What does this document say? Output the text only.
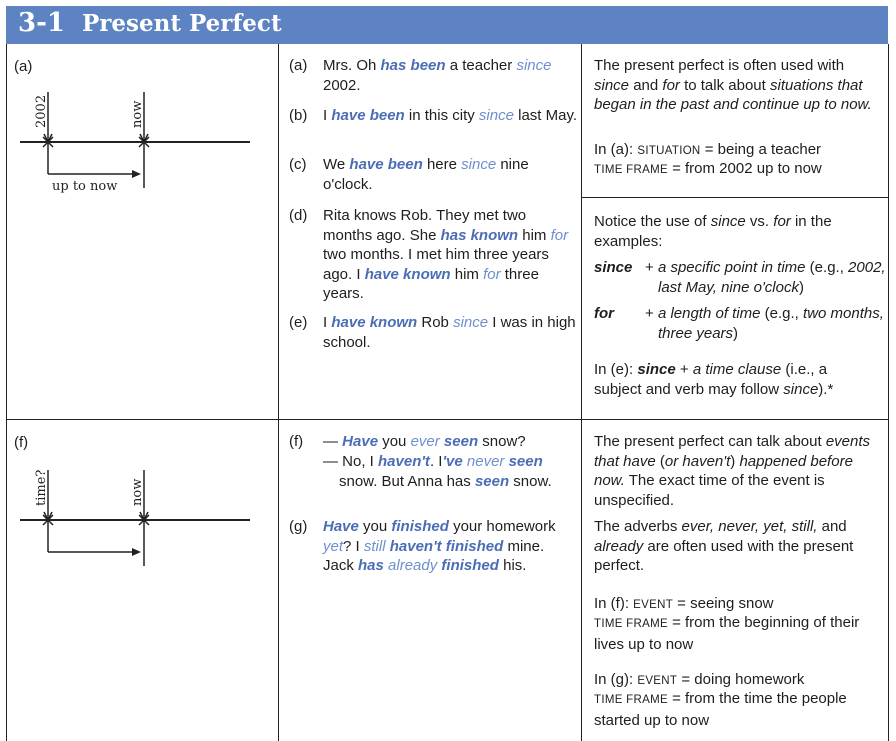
3-1 Present Perfect
(a)
2002	now
up to now
(a) Mrs. Oh has been a teacher since 2002.
(b) I have been in this city since last May.
(c) We have been here since nine o'clock.
(d) Rita knows Rob. They met two months ago. She has known him for two months. I met him three years ago. I have known him for three years.
(e) I have known Rob since I was in high school.

The present perfect is often used with since and for to talk about situations that began in the past and continue up to now.

In (a): SITUATION = being a teacher

TIME FRAME = from 2002 up to now

Notice the use of since vs. for in the examples:

since + a specific point in time (e.g., 2002, last May, nine o'clock)
for + a length of time (e.g., two months, three years)

In (e): since + a time clause (i.e., a subject and verb may follow since).*

(f)
time?	now
(f) — Have you ever seen snow?
— No, I haven't. I've never seen snow. But Anna has seen snow.
(g) Have you finished your homework yet? I still haven't finished mine. Jack has already finished his.

The present perfect can talk about events that have (or haven't) happened before now. The exact time of the event is unspecified.

The adverbs ever, never, yet, still, and already are often used with the present perfect.

In (f): EVENT = seeing snow

TIME FRAME = from the beginning of their lives up to now

In (g): EVENT = doing homework

TIME FRAME = from the time the people started up to now
